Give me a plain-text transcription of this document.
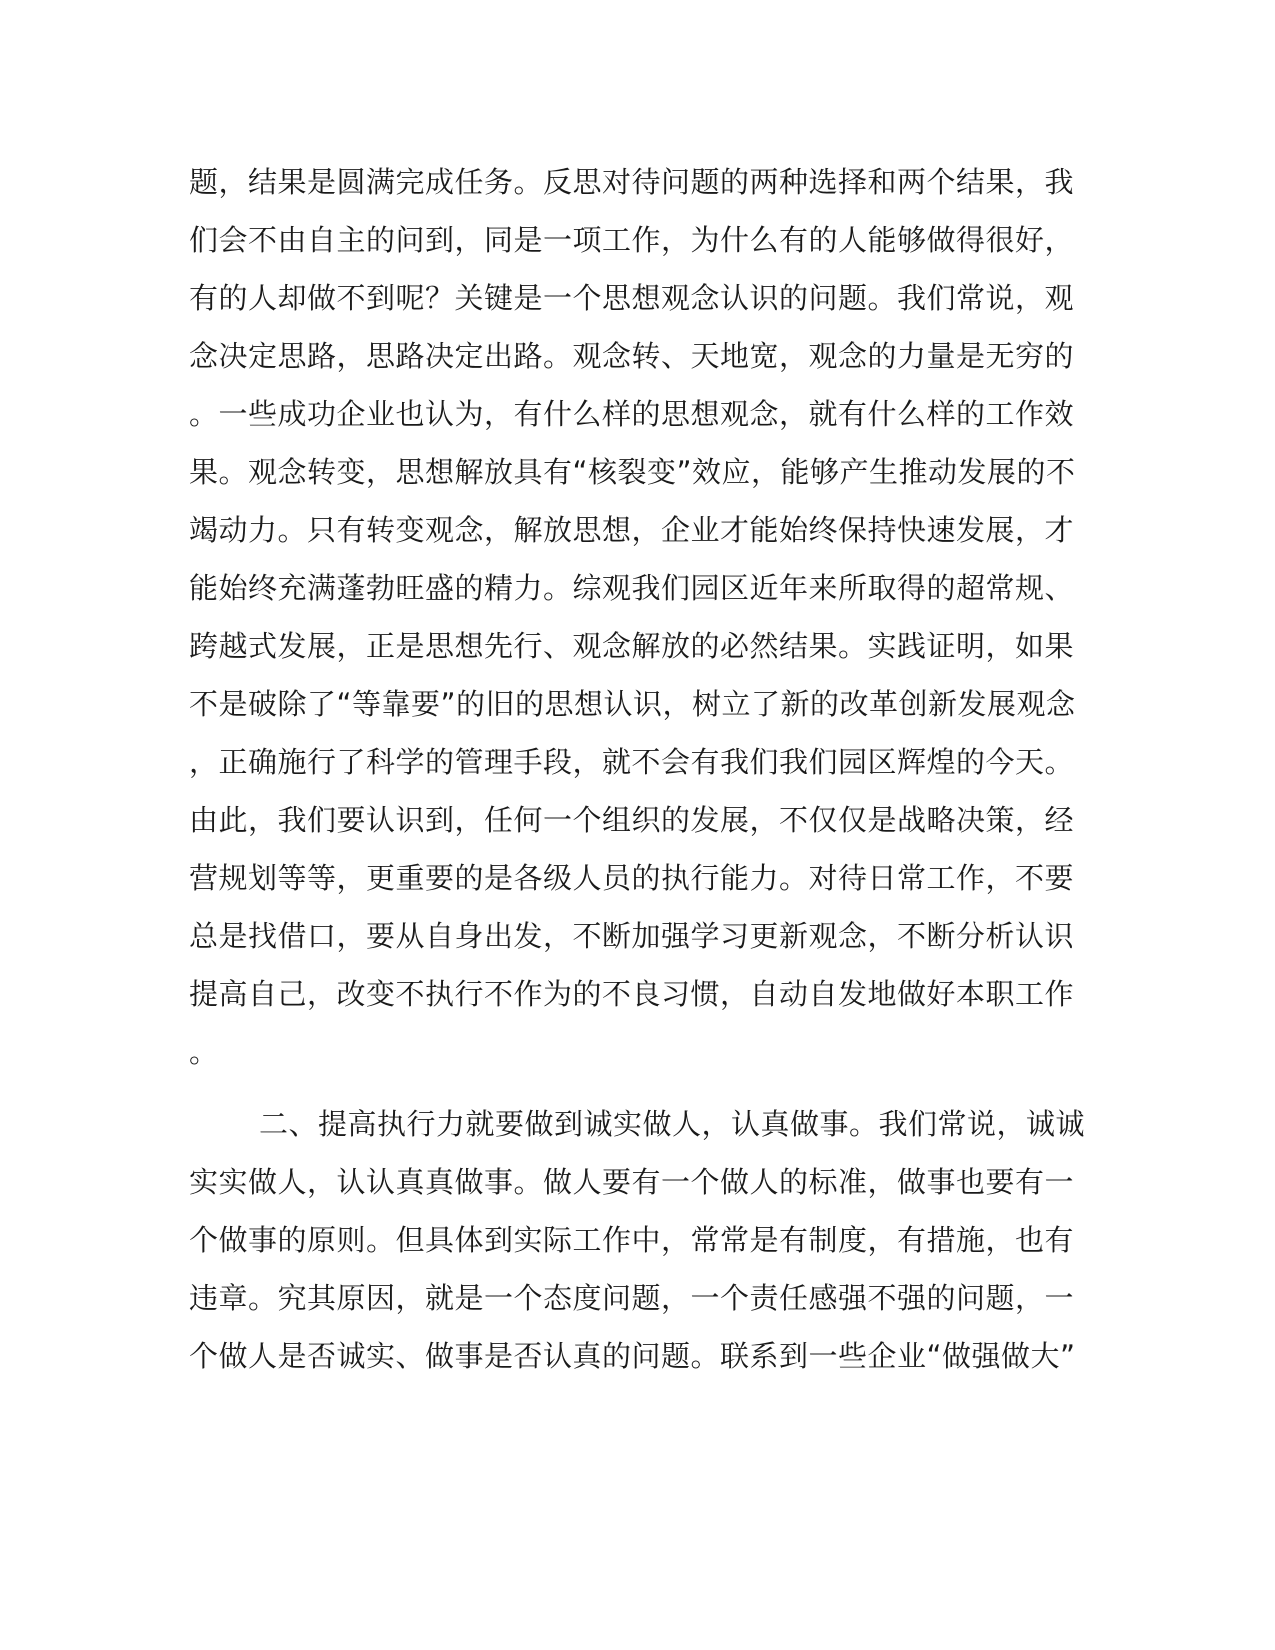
题，结果是圆满完成任务。反思对待问题的两种选择和两个结果，我
们会不由自主的问到，同是一项工作，为什么有的人能够做得很好，
有的人却做不到呢？关键是一个思想观念认识的问题。我们常说，观
念决定思路，思路决定出路。观念转、天地宽，观念的力量是无穷的
。一些成功企业也认为，有什么样的思想观念，就有什么样的工作效
果。观念转变，思想解放具有“核裂变”效应，能够产生推动发展的不
竭动力。只有转变观念，解放思想，企业才能始终保持快速发展，才
能始终充满蓬勃旺盛的精力。综观我们园区近年来所取得的超常规、
跨越式发展，正是思想先行、观念解放的必然结果。实践证明，如果
不是破除了“等靠要”的旧的思想认识，树立了新的改革创新发展观念
，正确施行了科学的管理手段，就不会有我们我们园区辉煌的今天。
由此，我们要认识到，任何一个组织的发展，不仅仅是战略决策，经
营规划等等，更重要的是各级人员的执行能力。对待日常工作，不要
总是找借口，要从自身出发，不断加强学习更新观念，不断分析认识
提高自己，改变不执行不作为的不良习惯，自动自发地做好本职工作
。
二、提高执行力就要做到诚实做人，认真做事。我们常说，诚诚
实实做人，认认真真做事。做人要有一个做人的标准，做事也要有一
个做事的原则。但具体到实际工作中，常常是有制度，有措施，也有
违章。究其原因，就是一个态度问题，一个责任感强不强的问题，一
个做人是否诚实、做事是否认真的问题。联系到一些企业“做强做大”
